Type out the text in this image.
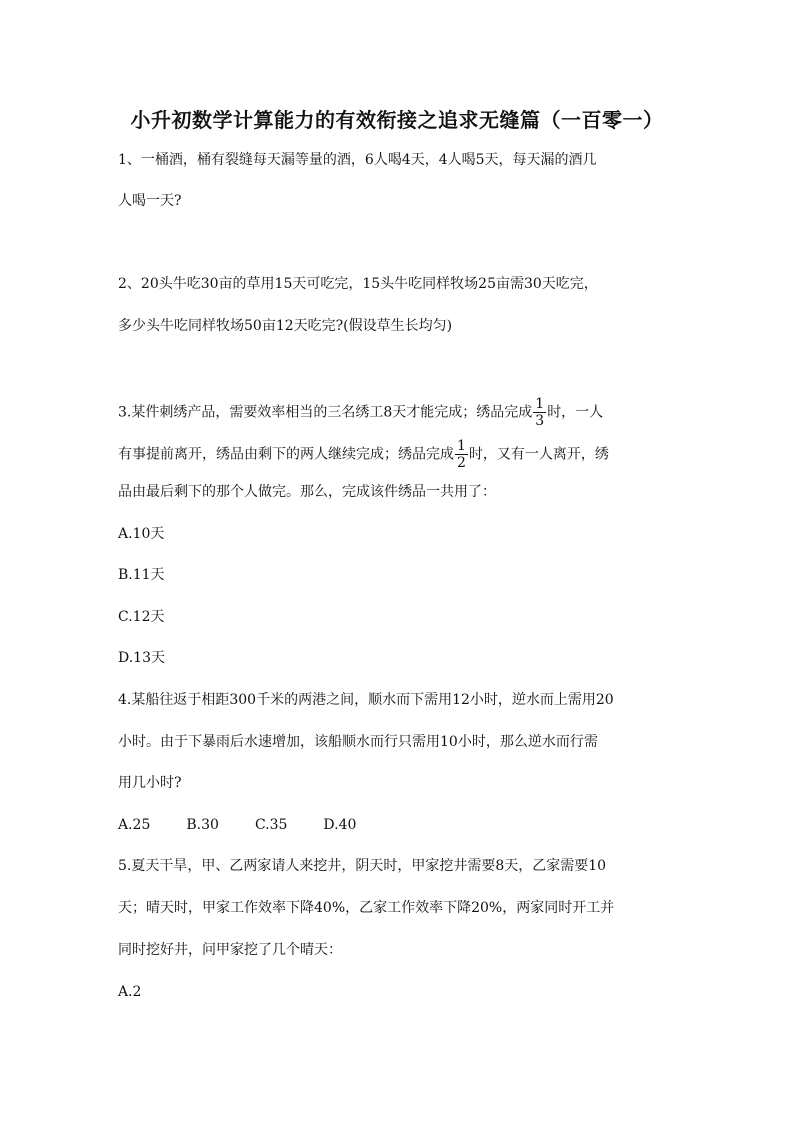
小升初数学计算能力的有效衔接之追求无缝篇（一百零一）
1、一桶酒，桶有裂缝每天漏等量的酒，6人喝4天，4人喝5天，每天漏的酒几
人喝一天?
2、20头牛吃30亩的草用15天可吃完，15头牛吃同样牧场25亩需30天吃完，
多少头牛吃同样牧场50亩12天吃完?(假设草生长均匀)
3.某件刺绣产品，需要效率相当的三名绣工8天才能完成；绣品完成 $\frac{1}{3}$ 时，一人
有事提前离开，绣品由剩下的两人继续完成；绣品完成 $\frac{1}{2}$ 时，又有一人离开，绣
品由最后剩下的那个人做完。那么，完成该件绣品一共用了：
A.10天
B.11天
C.12天
D.13天
4.某船往返于相距300千米的两港之间，顺水而下需用12小时，逆水而上需用20
小时。由于下暴雨后水速增加，该船顺水而行只需用10小时，那么逆水而行需
用几小时?
A.25	B.30	C.35	D.40
5.夏天干旱，甲、乙两家请人来挖井，阴天时，甲家挖井需要8天，乙家需要10
天；晴天时，甲家工作效率下降40%，乙家工作效率下降20%，两家同时开工并
同时挖好井，问甲家挖了几个晴天：
A.2
